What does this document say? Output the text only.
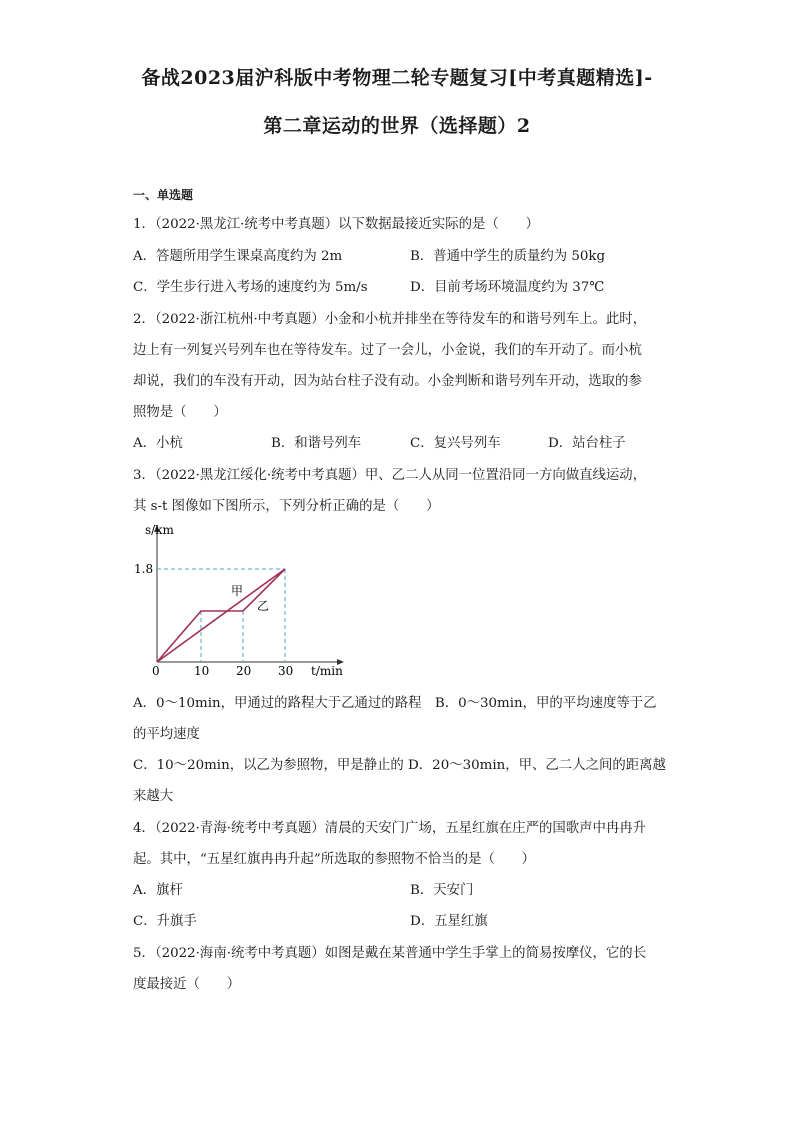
备战2023届沪科版中考物理二轮专题复习[中考真题精选]-
第二章运动的世界（选择题）2
一、单选题
1．（2022·黑龙江·统考中考真题）以下数据最接近实际的是（　　）
A．答题所用学生课桌高度约为 2m	B．普通中学生的质量约为 50kg
C．学生步行进入考场的速度约为 5m/s	D．目前考场环境温度约为 37℃
2．（2022·浙江杭州·中考真题）小金和小杭并排坐在等待发车的和谐号列车上。此时，
边上有一列复兴号列车也在等待发车。过了一会儿，小金说，我们的车开动了。而小杭
却说，我们的车没有开动，因为站台柱子没有动。小金判断和谐号列车开动，选取的参
照物是（　　）
A．小杭	B．和谐号列车	C．复兴号列车	D．站台柱子
3．（2022·黑龙江绥化·统考中考真题）甲、乙二人从同一位置沿同一方向做直线运动，
其 s-t 图像如下图所示，下列分析正确的是（　　）
s/km
t/min
1.8
0	10 20 30
甲
乙
A．0～10min，甲通过的路程大于乙通过的路程　B．0～30min，甲的平均速度等于乙
的平均速度
C．10～20min，以乙为参照物，甲是静止的 D．20～30min，甲、乙二人之间的距离越
来越大
4．（2022·青海·统考中考真题）清晨的天安门广场，五星红旗在庄严的国歌声中冉冉升
起。其中，“五星红旗冉冉升起”所选取的参照物不恰当的是（　　）
A．旗杆	B．天安门
C．升旗手	D．五星红旗
5．（2022·海南·统考中考真题）如图是戴在某普通中学生手掌上的简易按摩仪，它的长
度最接近（　　）
